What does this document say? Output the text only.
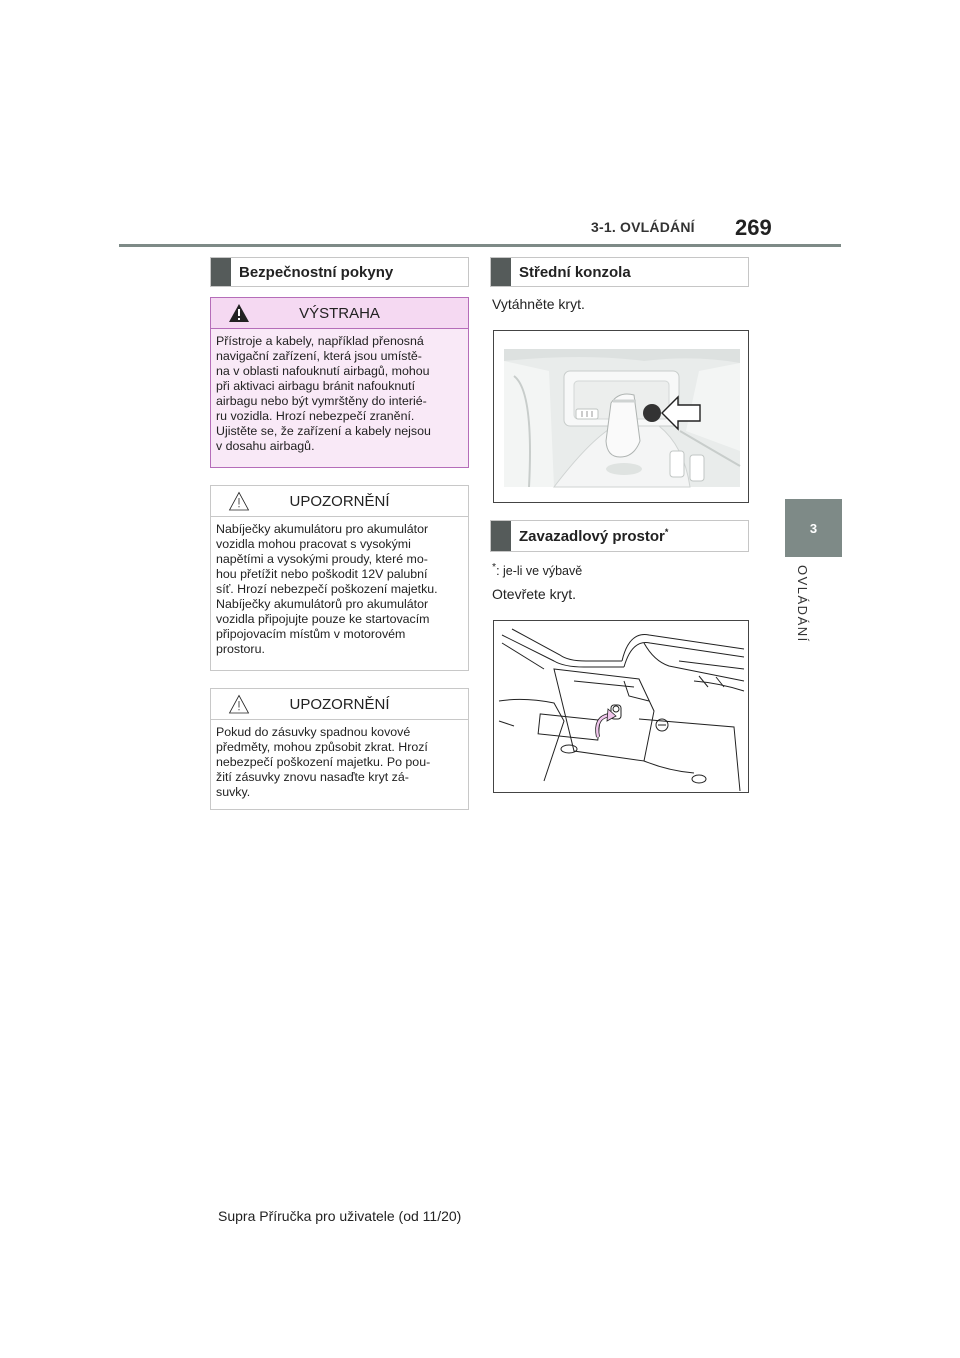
3-1. OVLÁDÁNÍ 269
3
OVLÁDÁNÍ
Bezpečnostní pokyny
VÝSTRAHA
Přístroje a kabely, například přenosná
navigační zařízení, která jsou umístě-
na v oblasti nafouknutí airbagů, mohou
při aktivaci airbagu bránit nafouknutí
airbagu nebo být vymrštěny do interié-
ru vozidla. Hrozí nebezpečí zranění.
Ujistěte se, že zařízení a kabely nejsou
v dosahu airbagů.
UPOZORNĚNÍ
Nabíječky akumulátoru pro akumulátor
vozidla mohou pracovat s vysokými
napětími a vysokými proudy, které mo-
hou přetížit nebo poškodit 12V palubní
síť. Hrozí nebezpečí poškození majetku.
Nabíječky akumulátorů pro akumulátor
vozidla připojujte pouze ke startovacím
připojovacím místům v motorovém
prostoru.
UPOZORNĚNÍ
Pokud do zásuvky spadnou kovové
předměty, mohou způsobit zkrat. Hrozí
nebezpečí poškození majetku. Po pou-
žití zásuvky znovu nasaďte kryt zá-
suvky.
Střední konzola
Vytáhněte kryt.
Zavazadlový prostor*
*: je-li ve výbavě
Otevřete kryt.
Supra Příručka pro uživatele (od 11/20)
